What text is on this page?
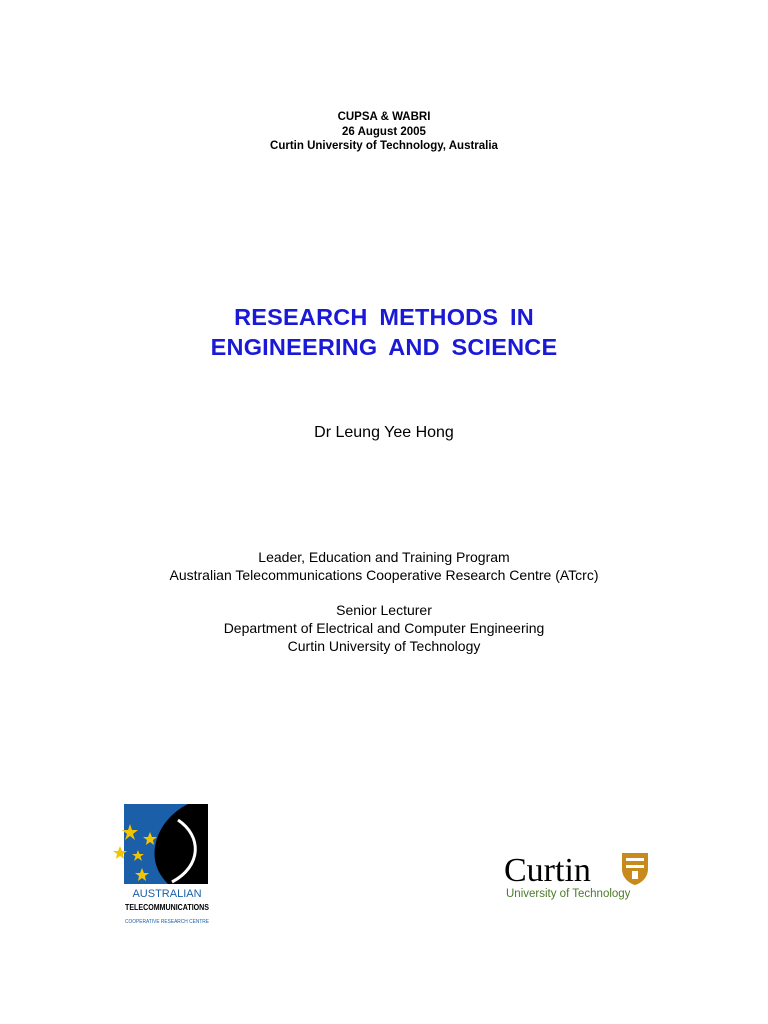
CUPSA & WABRI
26 August 2005
Curtin University of Technology, Australia
RESEARCH METHODS IN
ENGINEERING AND SCIENCE
Dr Leung Yee Hong
Leader, Education and Training Program
Australian Telecommunications Cooperative Research Centre (ATcrc)
Senior Lecturer
Department of Electrical and Computer Engineering
Curtin University of Technology
AUSTRALIAN
TELECOMMUNICATIONS
COOPERATIVE RESEARCH CENTRE
Curtin
University of Technology
